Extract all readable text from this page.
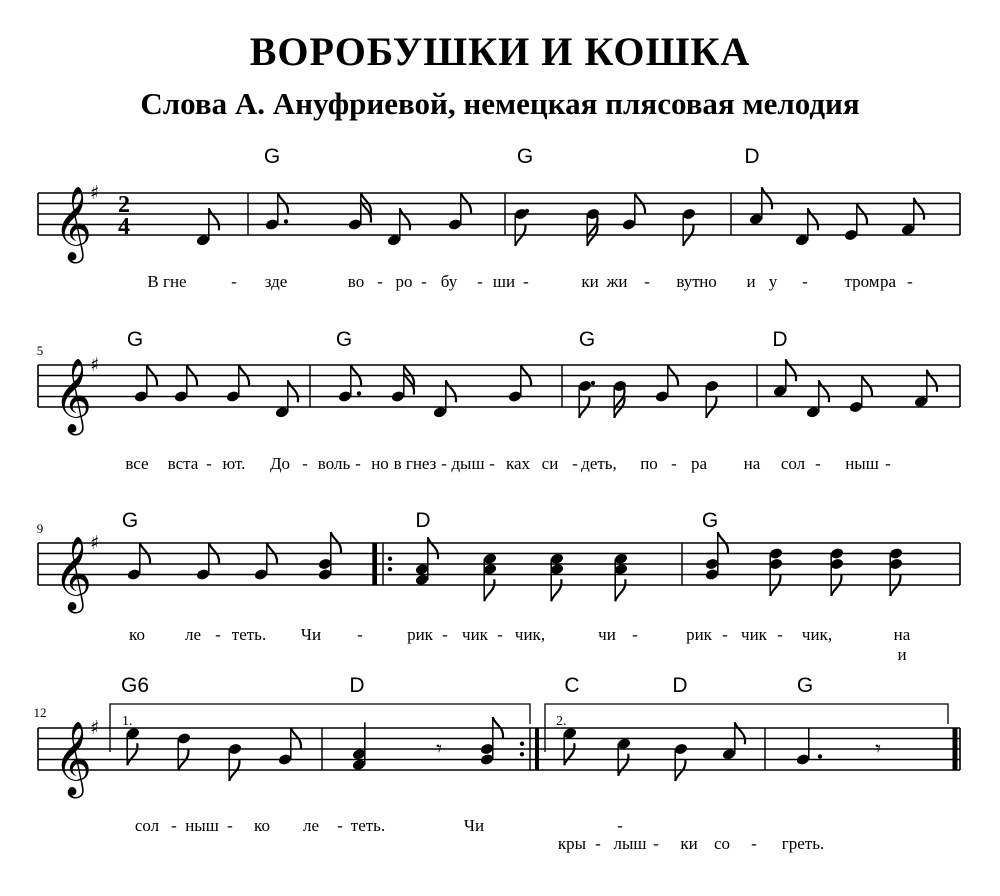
ВОРОБУШКИ И КОШКА
Слова А. Ануфриевой, немецкая плясовая мелодия
𝄞
♯
G	G	D
В гне	- зде	во - ро - бу - ши -	ки жи - вут	и у - тром ра -
но
𝄞
♯
G	G	G	D
все вста - ют. До - воль - но в гнез - дыш - ках си - деть, по - ра на сол - ныш -
𝄞
♯
G	D	G
ко ле - теть. Чи -	рик - чик - чик,	чи -	рик - чик - чик,	на
и
𝄞
♯
G6	D	C	D	G
сол - ныш - ко ле - теть.	Чи	-
кры - лыш - ки со - греть.
2
4
5
9
12
1.	2.
𝄾	𝄾
